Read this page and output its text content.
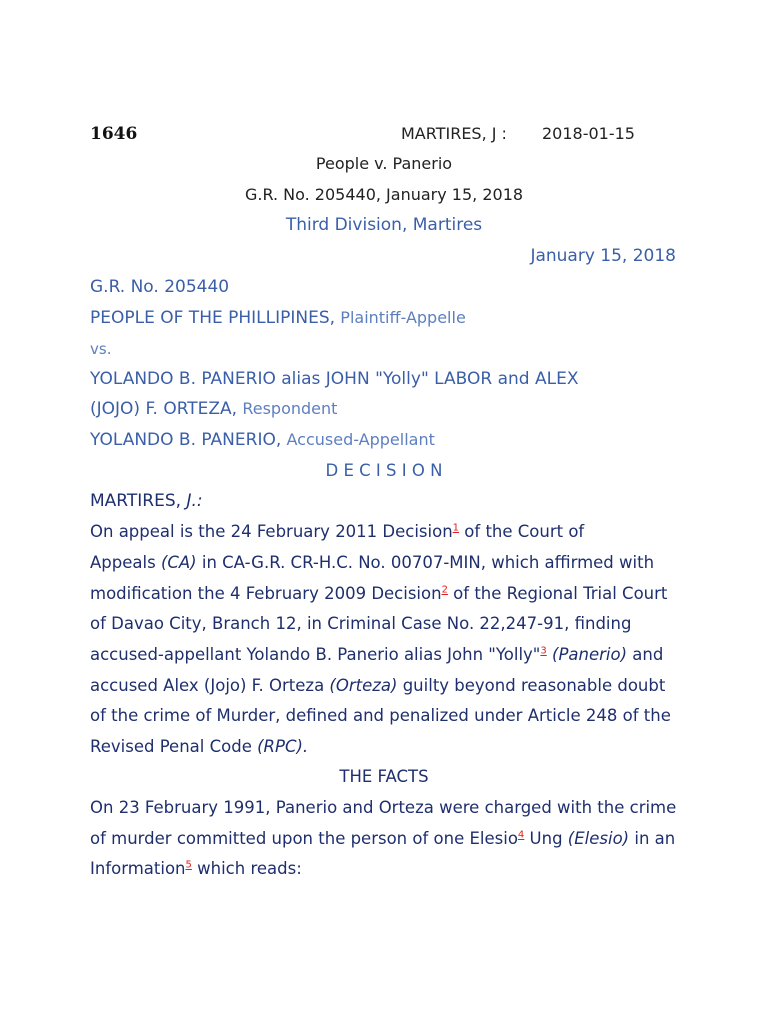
1646	MARTIRES, J : 2018-01-15
People v. Panerio
G.R. No. 205440, January 15, 2018
Third Division, Martires
January 15, 2018
G.R. No. 205440
PEOPLE OF THE PHILLIPINES, Plaintiff-Appelle
vs.
YOLANDO B. PANERIO alias JOHN "Yolly" LABOR and ALEX
(JOJO) F. ORTEZA, Respondent
YOLANDO B. PANERIO, Accused-Appellant
D E C I S I O N
MARTIRES, J.:
On appeal is the 24 February 2011 Decision$^1$ of the Court of
Appeals (CA) in CA-G.R. CR-H.C. No. 00707-MIN, which affirmed with
modification the 4 February 2009 Decision$^2$ of the Regional Trial Court
of Davao City, Branch 12, in Criminal Case No. 22,247-91, finding
accused-appellant Yolando B. Panerio alias John "Yolly"$^3$ (Panerio) and
accused Alex (Jojo) F. Orteza (Orteza) guilty beyond reasonable doubt
of the crime of Murder, defined and penalized under Article 248 of the
Revised Penal Code (RPC).
THE FACTS
On 23 February 1991, Panerio and Orteza were charged with the crime
of murder committed upon the person of one Elesio$^4$ Ung (Elesio) in an
Information$^5$ which reads:
